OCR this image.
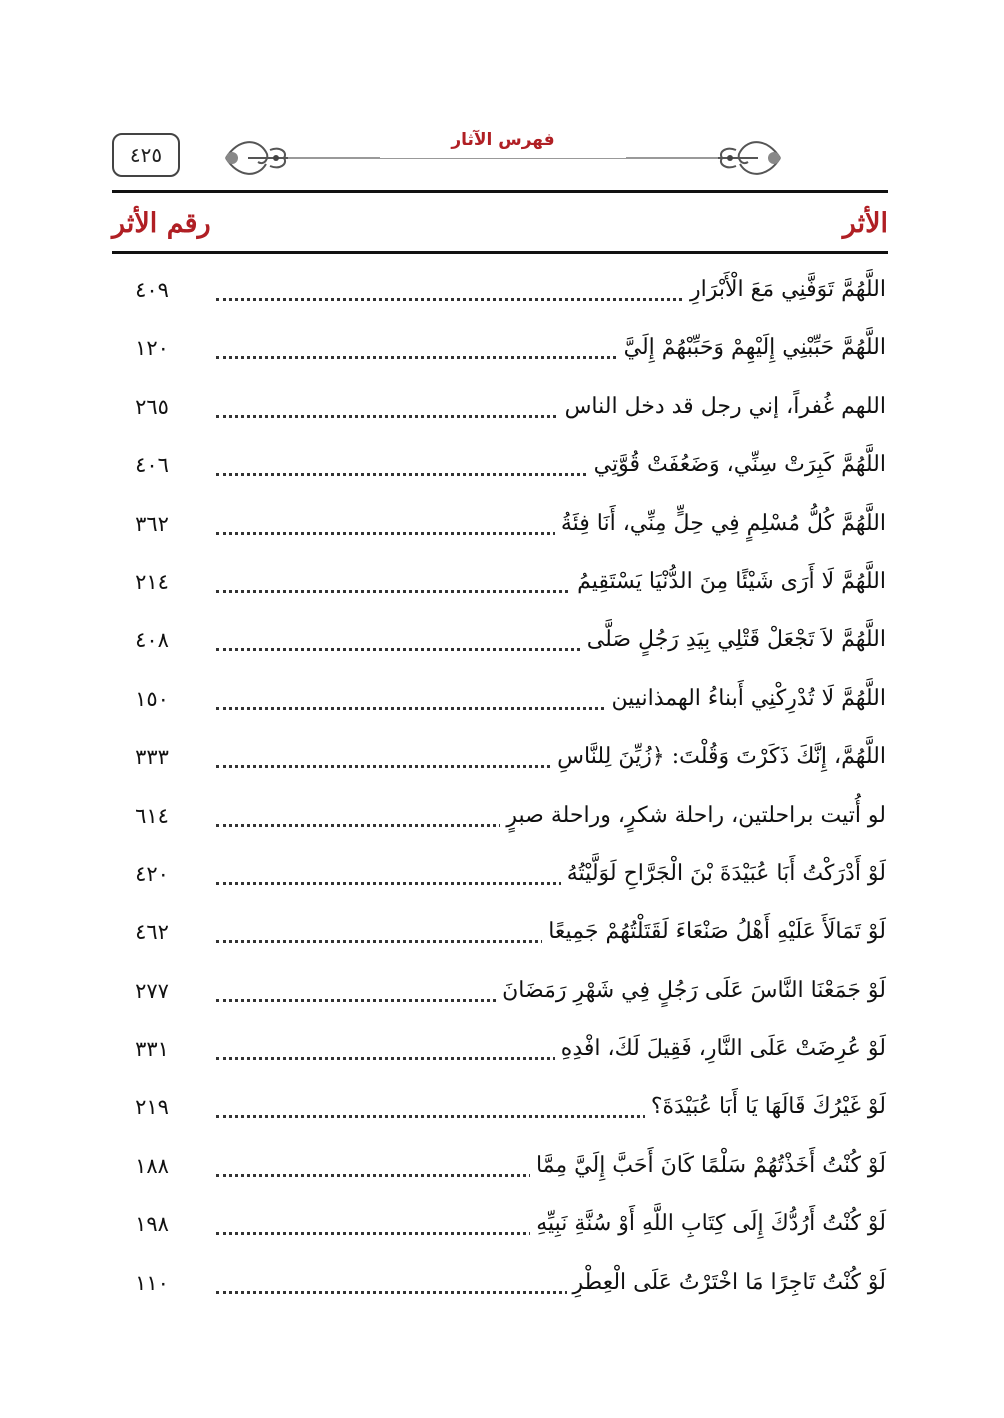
٤٢٥
فهرس الآثار
الأثر
رقم الأثر
اللَّهُمَّ تَوَفَّنِي مَعَ الْأَبْرَارِ
٤٠٩
اللَّهُمَّ حَبِّبْنِي إِلَيْهِمْ وَحَبِّبْهُمْ إِلَيَّ
١٢٠
اللهم غُفراً، إني رجل قد دخل الناس
٢٦٥
اللَّهُمَّ كَبِرَتْ سِنِّي، وَضَعُفَتْ قُوَّتِي
٤٠٦
اللَّهُمَّ كُلُّ مُسْلِمٍ فِي حِلٍّ مِنِّي، أَنَا فِئَةُ
٣٦٢
اللَّهُمَّ لَا أَرَى شَيْئًا مِنَ الدُّنْيَا يَسْتَقِيمُ
٢١٤
اللَّهُمَّ لاَ تَجْعَلْ قَتْلِي بِيَدِ رَجُلٍ صَلَّى
٤٠٨
اللَّهُمَّ لَا تُدْرِكْنِي أَبناءُ الهمذانيين
١٥٠
اللَّهُمَّ، إِنَّكَ ذَكَرْتَ وَقُلْتَ: ﴿زُيِّنَ لِلنَّاسِ
٣٣٣
لو أُتيت براحلتين، راحلة شكرٍ، وراحلة صبرٍ
٦١٤
لَوْ أَدْرَكْتُ أَبَا عُبَيْدَةَ بْنَ الْجَرَّاحِ لَوَلَّيْتُهُ
٤٢٠
لَوْ تَمَالَأَ عَلَيْهِ أَهْلُ صَنْعَاءَ لَقَتَلْتُهُمْ جَمِيعًا
٤٦٢
لَوْ جَمَعْنَا النَّاسَ عَلَى رَجُلٍ فِي شَهْرِ رَمَضَانَ
٢٧٧
لَوْ عُرِضَتْ عَلَى النَّارِ، فَقِيلَ لَكَ، افْدِهِ
٣٣١
لَوْ غَيْرُكَ قَالَهَا يَا أَبَا عُبَيْدَةَ؟
٢١٩
لَوْ كُنْتُ أَخَذْتُهُمْ سَلْمًا كَانَ أَحَبَّ إِلَيَّ مِمَّا
١٨٨
لَوْ كُنْتُ أَرُدُّكَ إِلَى كِتَابِ اللَّهِ أَوْ سُنَّةِ نَبِيِّهِ
١٩٨
لَوْ كُنْتُ تَاجِرًا مَا اخْتَرْتُ عَلَى الْعِطْرِ
١١٠
